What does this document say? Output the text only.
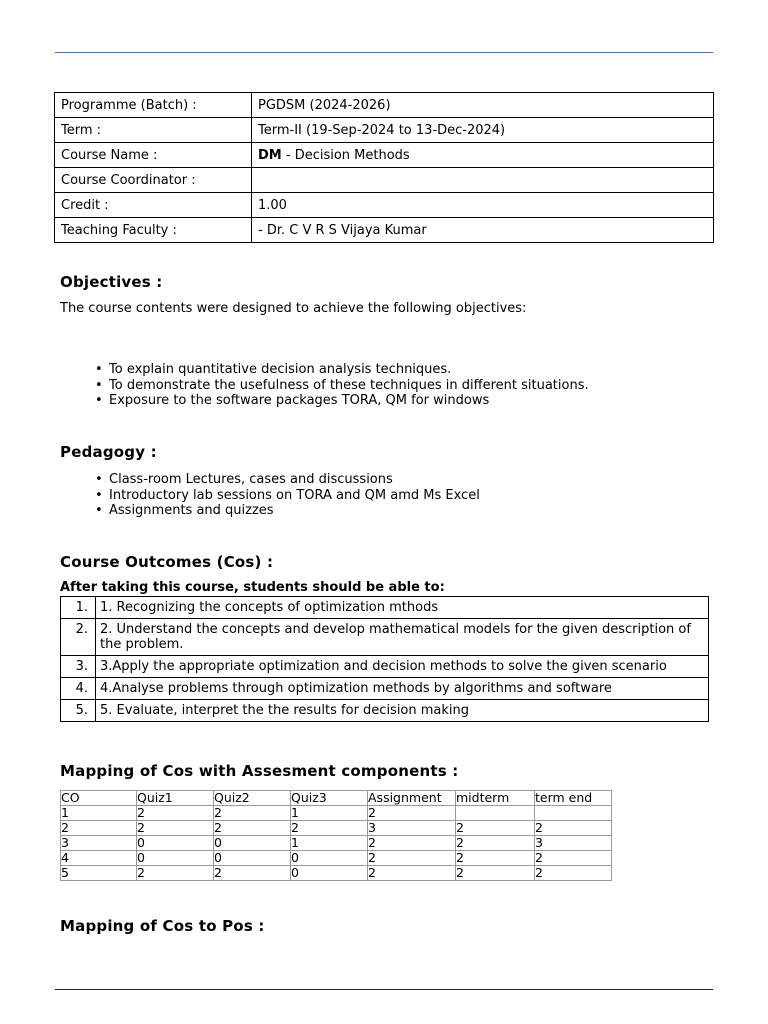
Programme (Batch) :	PGDSM (2024-2026)
Term :	Term-II (19-Sep-2024 to 13-Dec-2024)
Course Name :	DM - Decision Methods
Course Coordinator :	
Credit :	1.00
Teaching Faculty :	- Dr. C V R S Vijaya Kumar
Objectives :
The course contents were designed to achieve the following objectives:
• To explain quantitative decision analysis techniques.
• To demonstrate the usefulness of these techniques in different situations.
• Exposure to the software packages TORA, QM for windows
Pedagogy :
• Class-room Lectures, cases and discussions
• Introductory lab sessions on TORA and QM amd Ms Excel
• Assignments and quizzes
Course Outcomes (Cos) :
After taking this course, students should be able to:
1.	1. Recognizing the concepts of optimization mthods
2.	2. Understand the concepts and develop mathematical models for the given description of the problem.
3.	3.Apply the appropriate optimization and decision methods to solve the given scenario
4.	4.Analyse problems through optimization methods by algorithms and software
5.	5. Evaluate, interpret the the results for decision making
Mapping of Cos with Assesment components :
CO	Quiz1	Quiz2	Quiz3	Assignment	midterm	term end
1	2	2	1	2		
2	2	2	2	3	2	2
3	0	0	1	2	2	3
4	0	0	0	2	2	2
5	2	2	0	2	2	2
Mapping of Cos to Pos :
